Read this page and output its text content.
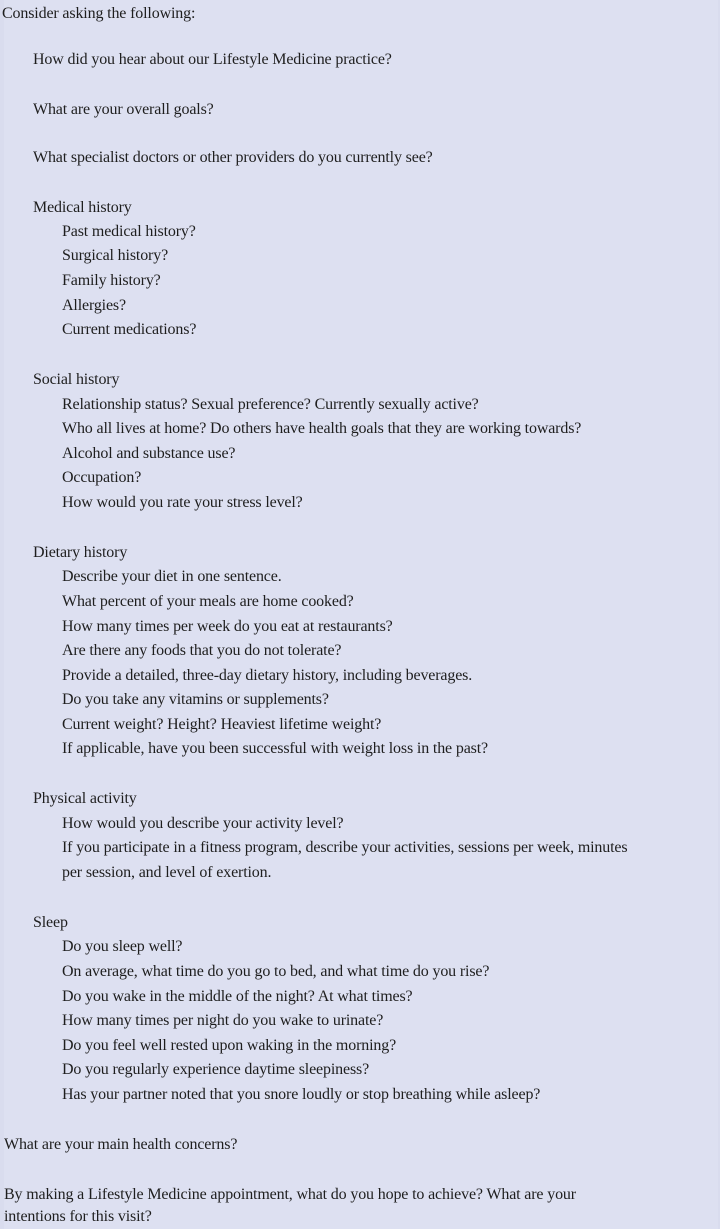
Consider asking the following:
How did you hear about our Lifestyle Medicine practice?
What are your overall goals?
What specialist doctors or other providers do you currently see?
Medical history
Past medical history?
Surgical history?
Family history?
Allergies?
Current medications?
Social history
Relationship status? Sexual preference? Currently sexually active?
Who all lives at home? Do others have health goals that they are working towards?
Alcohol and substance use?
Occupation?
How would you rate your stress level?
Dietary history
Describe your diet in one sentence.
What percent of your meals are home cooked?
How many times per week do you eat at restaurants?
Are there any foods that you do not tolerate?
Provide a detailed, three-day dietary history, including beverages.
Do you take any vitamins or supplements?
Current weight? Height? Heaviest lifetime weight?
If applicable, have you been successful with weight loss in the past?
Physical activity
How would you describe your activity level?
If you participate in a fitness program, describe your activities, sessions per week, minutes
per session, and level of exertion.
Sleep
Do you sleep well?
On average, what time do you go to bed, and what time do you rise?
Do you wake in the middle of the night? At what times?
How many times per night do you wake to urinate?
Do you feel well rested upon waking in the morning?
Do you regularly experience daytime sleepiness?
Has your partner noted that you snore loudly or stop breathing while asleep?
What are your main health concerns?
By making a Lifestyle Medicine appointment, what do you hope to achieve? What are your
intentions for this visit?
